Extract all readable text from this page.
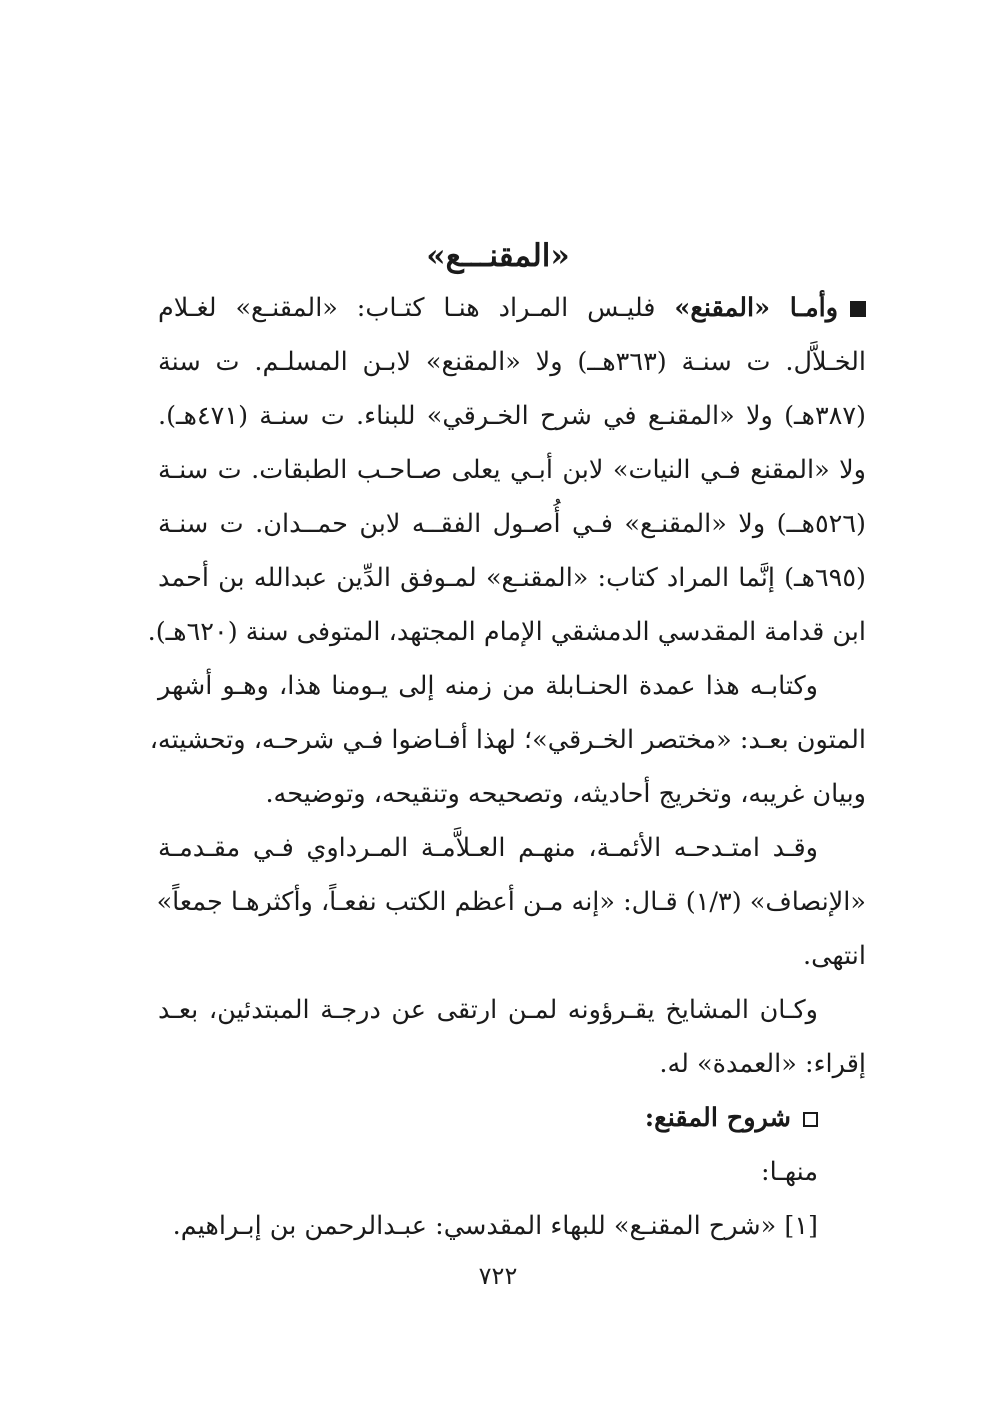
«المقنـــع»
وأمـا «المقنع» فليـس المـراد هنـا كتـاب: «المقنـع» لغـلام
الخـلاَّل. ت سنـة (٣٦٣هــ) ولا «المقنع» لابـن المسلـم. ت سنة
(٣٨٧هـ) ولا «المقنـع في شرح الخـرقي» للبناء. ت سنـة (٤٧١هـ).
ولا «المقنع فـي النيات» لابن أبـي يعلى صـاحـب الطبقات. ت سنـة
(٥٢٦هــ) ولا «المقنـع» فـي أُصـول الفقــه لابن حمــدان. ت سنـة
(٦٩٥هـ) إنَّما المراد كتاب: «المقنـع» لمـوفق الدِّين عبدالله بن أحمد
ابن قدامة المقدسي الدمشقي الإمام المجتهد، المتوفى سنة (٦٢٠هـ).
وكتابـه هذا عمدة الحنـابلة من زمنه إلى يـومنا هذا، وهـو أشهر
المتون بعـد: «مختصر الخـرقي»؛ لهذا أفـاضوا فـي شرحـه، وتحشيته،
وبيان غريبه، وتخريج أحاديثه، وتصحيحه وتنقيحه، وتوضيحه.
وقـد امتـدحـه الأئمـة، منهـم العـلاَّمـة المـرداوي فـي مقـدمـة
«الإنصاف» (١/٣) قـال: «إنه مـن أعظم الكتب نفعـاً، وأكثرهـا جمعاً»
انتهى.
وكـان المشايخ يقـرؤونه لمـن ارتقى عن درجـة المبتدئين، بعـد
إقراء: «العمدة» له.
شروح المقنع:
منهـا:
[١] «شرح المقنـع» للبهاء المقدسي: عبـدالرحمن بن إبـراهيم.
٧٢٢
